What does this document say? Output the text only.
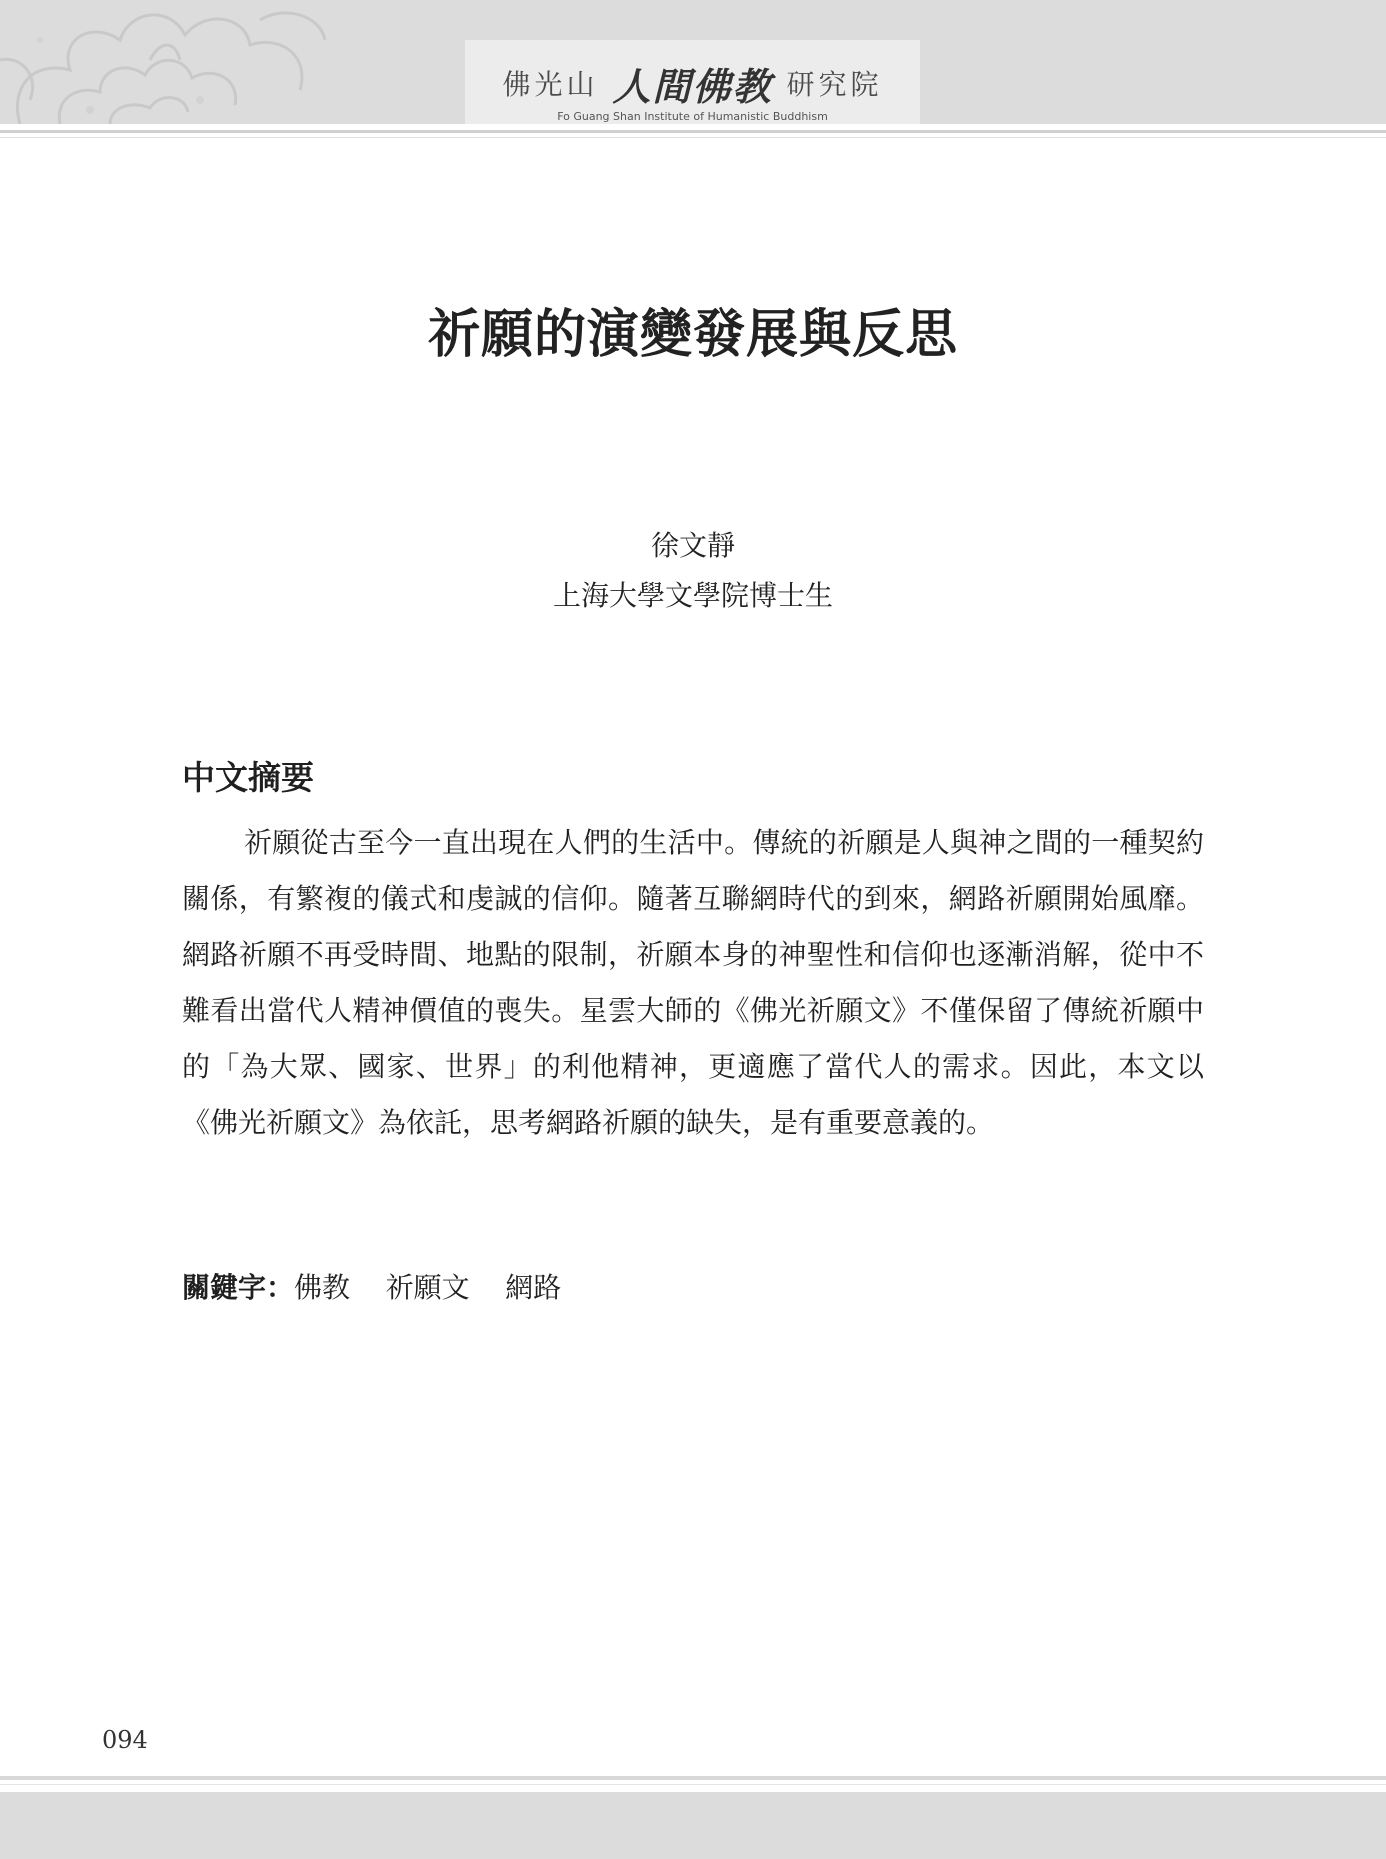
佛光山 人間佛教 研究院
Fo Guang Shan Institute of Humanistic Buddhism
祈願的演變發展與反思
徐文靜
上海大學文學院博士生
中文摘要
祈願從古至今一直出現在人們的生活中。傳統的祈願是人與神之間的一種契約關係，有繁複的儀式和虔誠的信仰。隨著互聯網時代的到來，網路祈願開始風靡。網路祈願不再受時間、地點的限制，祈願本身的神聖性和信仰也逐漸消解，從中不難看出當代人精神價值的喪失。星雲大師的《佛光祈願文》不僅保留了傳統祈願中的「為大眾、國家、世界」的利他精神，更適應了當代人的需求。因此，本文以《佛光祈願文》為依託，思考網路祈願的缺失，是有重要意義的。
關鍵字：佛教 祈願文 網路
094
